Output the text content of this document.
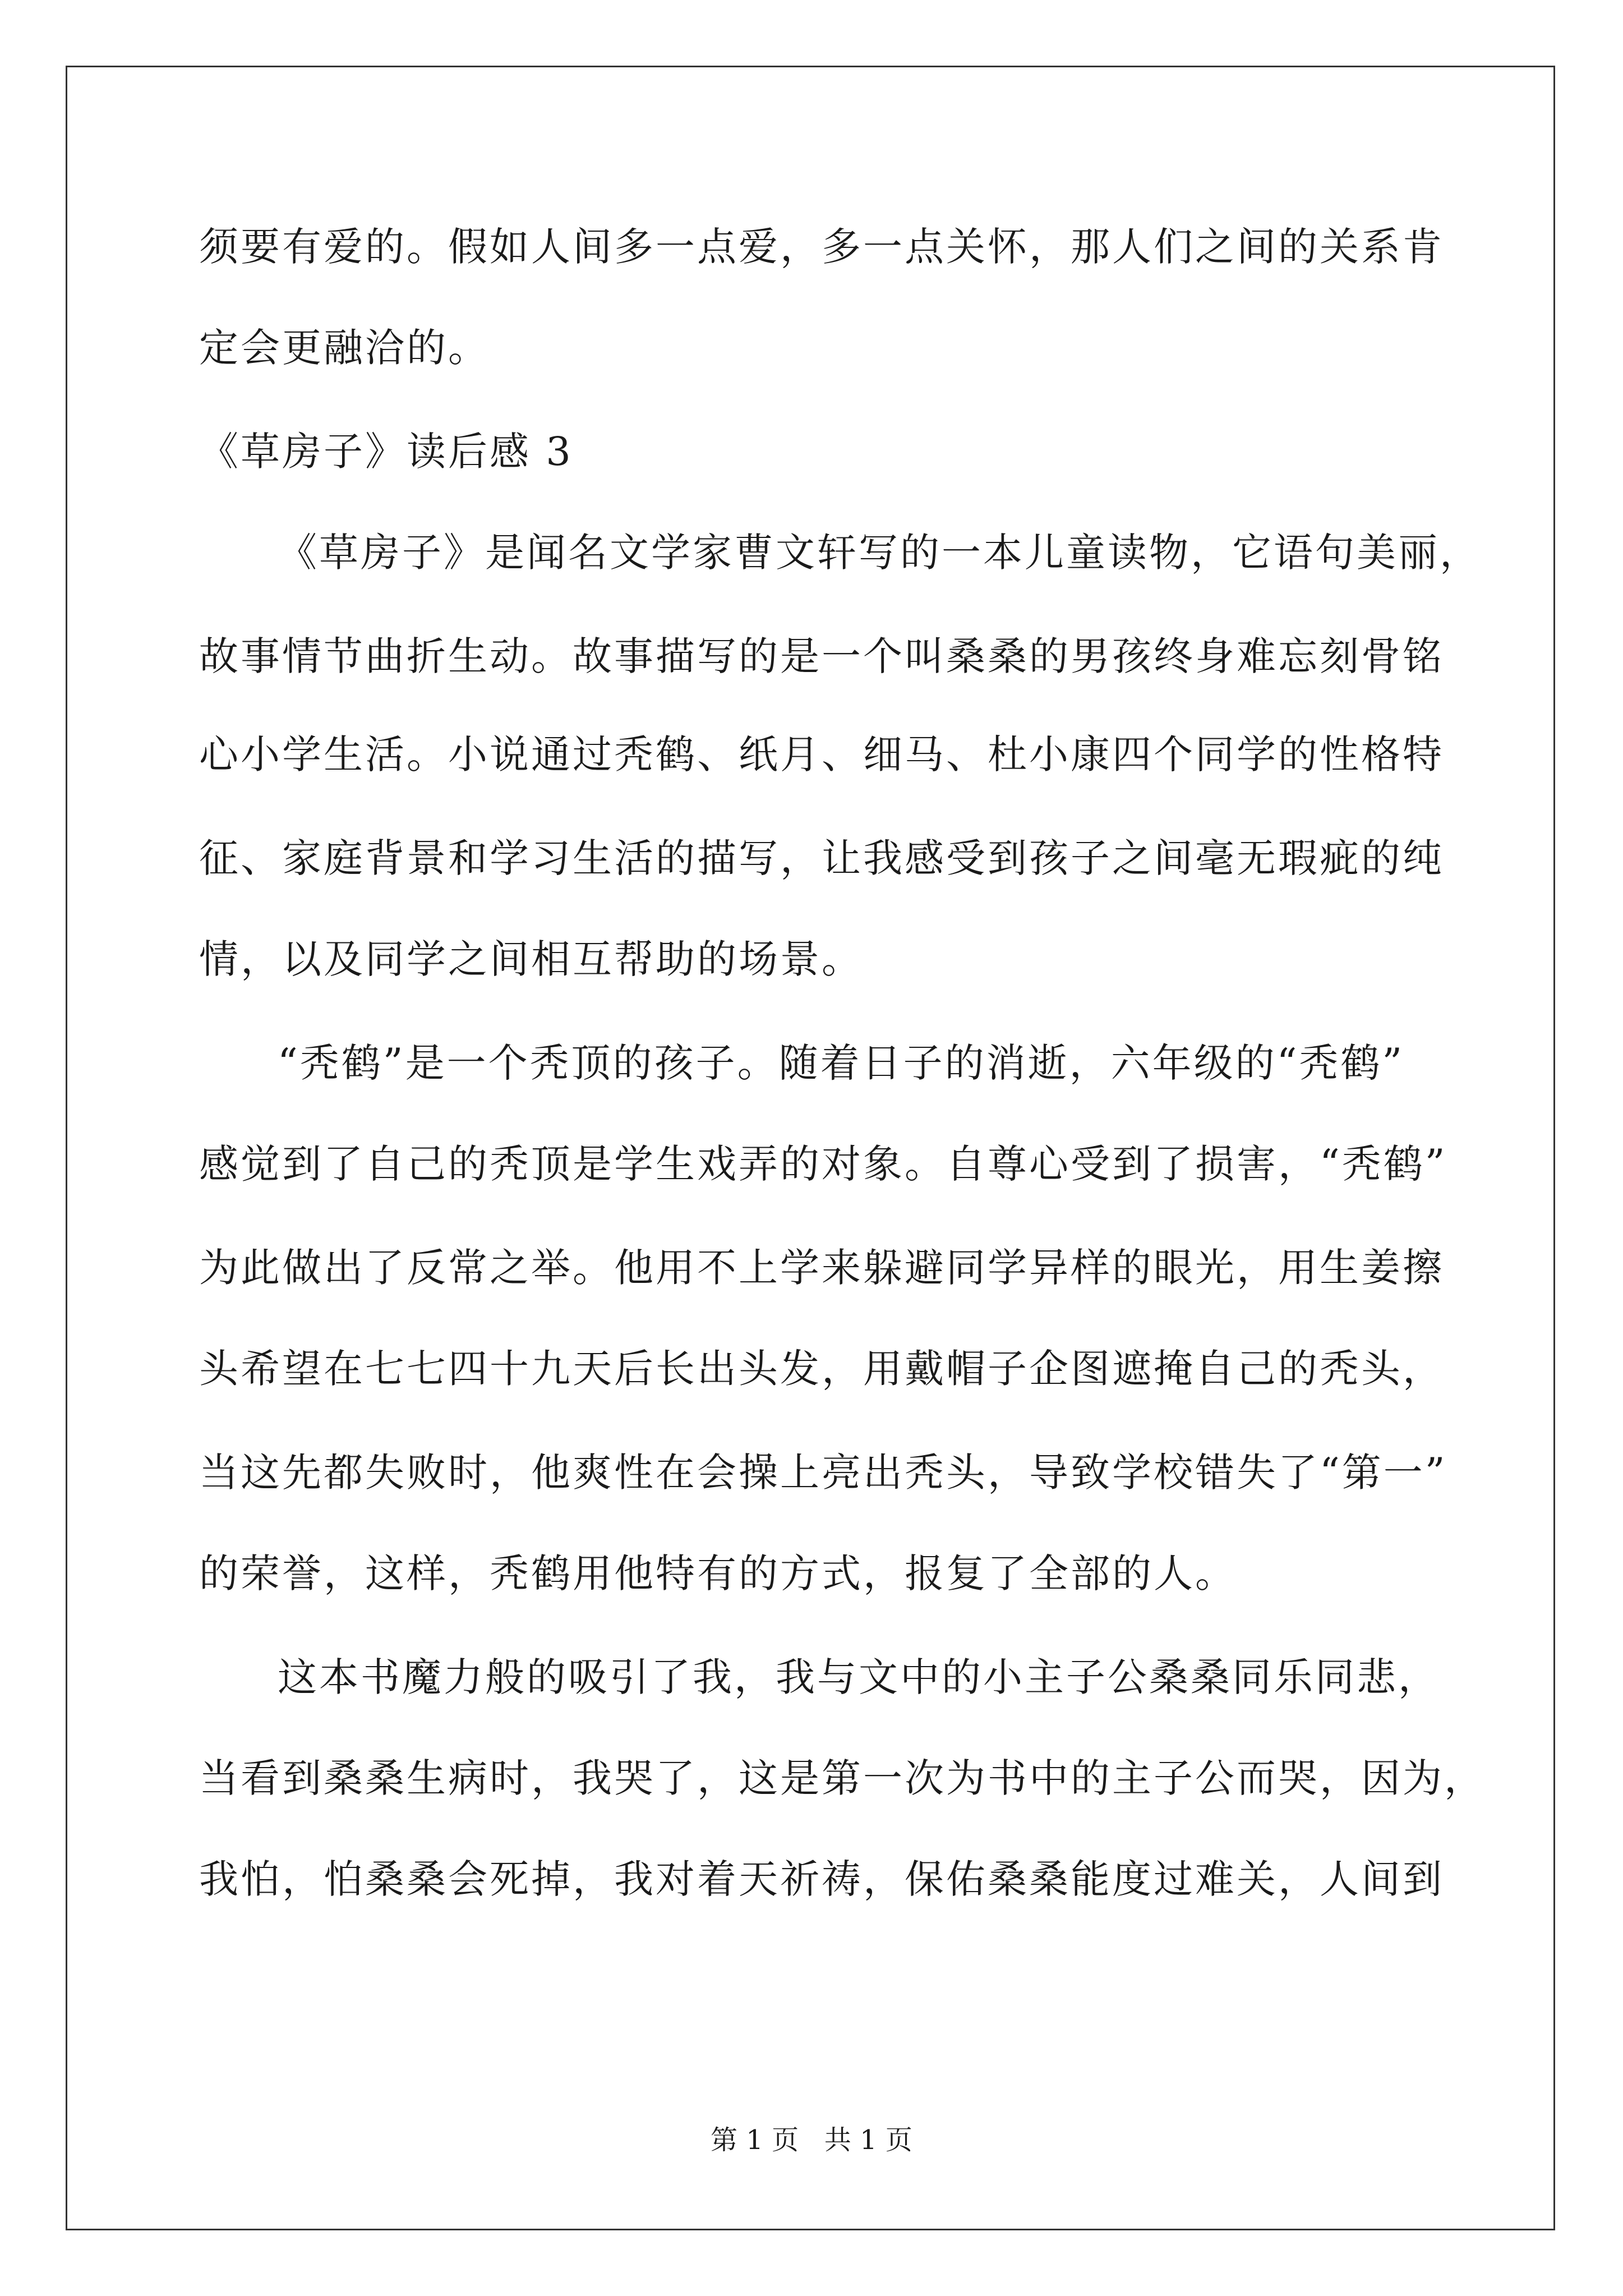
须要有爱的。假如人间多一点爱，多一点关怀，那人们之间的关系肯
定会更融洽的。
《草房子》读后感 3
《草房子》是闻名文学家曹文轩写的一本儿童读物，它语句美丽，
故事情节曲折生动。故事描写的是一个叫桑桑的男孩终身难忘刻骨铭
心小学生活。小说通过秃鹤、纸月、细马、杜小康四个同学的性格特
征、家庭背景和学习生活的描写，让我感受到孩子之间毫无瑕疵的纯
情，以及同学之间相互帮助的场景。
“秃鹤”是一个秃顶的孩子。随着日子的消逝，六年级的“秃鹤”
感觉到了自己的秃顶是学生戏弄的对象。自尊心受到了损害，“秃鹤”
为此做出了反常之举。他用不上学来躲避同学异样的眼光，用生姜擦
头希望在七七四十九天后长出头发，用戴帽子企图遮掩自己的秃头，
当这先都失败时，他爽性在会操上亮出秃头，导致学校错失了“第一”
的荣誉，这样，秃鹤用他特有的方式，报复了全部的人。
这本书魔力般的吸引了我，我与文中的小主子公桑桑同乐同悲，
当看到桑桑生病时，我哭了，这是第一次为书中的主子公而哭，因为，
我怕，怕桑桑会死掉，我对着天祈祷，保佑桑桑能度过难关，人间到
第 1 页   共 1 页
